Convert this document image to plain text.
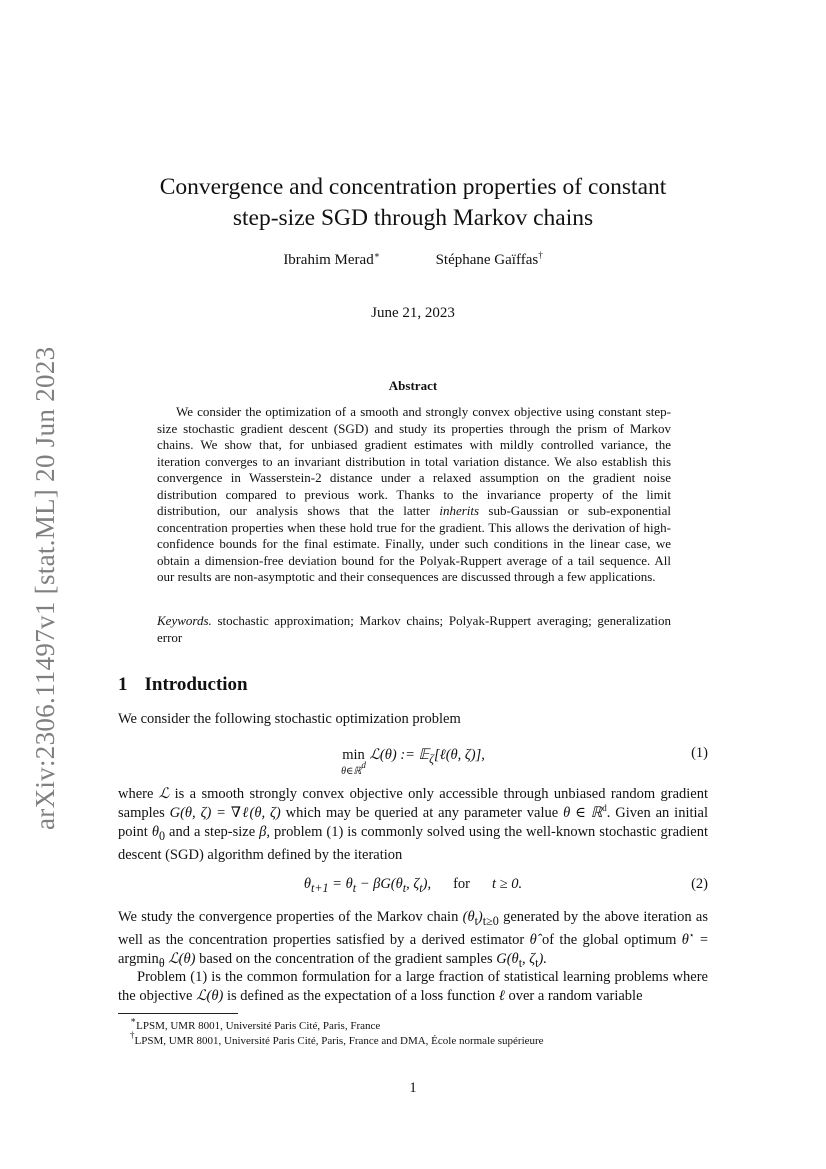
arXiv:2306.11497v1 [stat.ML] 20 Jun 2023
Convergence and concentration properties of constant
step-size SGD through Markov chains
Ibrahim Merad∗	Stéphane Gaïffas†
June 21, 2023
Abstract
We consider the optimization of a smooth and strongly convex objective using constant step-size stochastic gradient descent (SGD) and study its properties through the prism of Markov chains. We show that, for unbiased gradient estimates with mildly controlled variance, the iteration converges to an invariant distribution in total variation distance. We also establish this convergence in Wasserstein-2 distance under a relaxed assumption on the gradient noise distribution compared to previous work. Thanks to the invariance property of the limit distribution, our analysis shows that the latter inherits sub-Gaussian or sub-exponential concentration properties when these hold true for the gradient. This allows the derivation of high-confidence bounds for the final estimate. Finally, under such conditions in the linear case, we obtain a dimension-free deviation bound for the Polyak-Ruppert average of a tail sequence. All our results are non-asymptotic and their consequences are discussed through a few applications.
Keywords. stochastic approximation; Markov chains; Polyak-Ruppert averaging; generalization error
1 Introduction
We consider the following stochastic optimization problem
min
θ∈ℝ$^d$
ℒ(θ) := 𝔼$_\zeta$[ℓ(θ, ζ)],	(1)
where ℒ is a smooth strongly convex objective only accessible through unbiased random gradient samples G(θ, ζ) = ∇ℓ(θ, ζ) which may be queried at any parameter value θ ∈ ℝ$^d$. Given an initial point $\theta_0$ and a step-size β, problem (1) is commonly solved using the well-known stochastic gradient descent (SGD) algorithm defined by the iteration
$\theta_{t+1} = \theta_t - \beta G(\theta_t$, $\zeta_t$), for t ≥ 0.	(2)
We study the convergence properties of the Markov chain $(\theta_t)_{t\ge 0}$ generated by the above iteration as well as the concentration properties satisfied by a derived estimator θ̂ of the global optimum θ⋆ = argmin$_\theta$ ℒ(θ) based on the concentration of the gradient samples $G(\theta_t$, $\zeta_t$).
Problem (1) is the common formulation for a large fraction of statistical learning problems where the objective ℒ(θ) is defined as the expectation of a loss function ℓ over a random variable
∗LPSM, UMR 8001, Université Paris Cité, Paris, France
†LPSM, UMR 8001, Université Paris Cité, Paris, France and DMA, École normale supérieure
1
